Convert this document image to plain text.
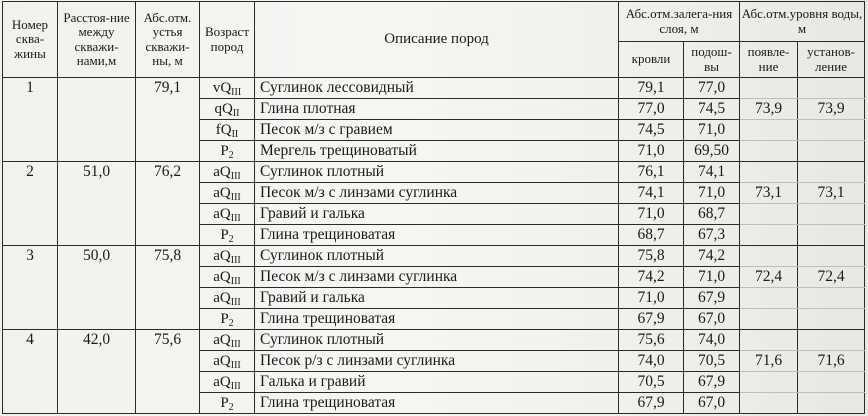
Номер сква-жины	Расстоя-ние между скважи-нами,м	Абс.отм. устья скважи-ны, м	Возраст пород	Описание пород	Абс.отм.залега-ния слоя, м		Абс.отм.уровня воды, м	
					кровли	подош-вы	появле-ние	установ-ление
1		79,1	$vQ_{III}$	Суглинок лессовидный	79,1	77,0		
			$qQ_{II}$	Глина плотная	77,0	74,5	73,9	73,9
			$fQ_{II}$	Песок м/з с гравием	74,5	71,0		
			$P_2$	Мергель трещиноватый	71,0	69,50		
2	51,0	76,2	$aQ_{III}$	Суглинок плотный	76,1	74,1		
			$aQ_{III}$	Песок м/з с линзами суглинка	74,1	71,0	73,1	73,1
			$aQ_{III}$	Гравий и галька	71,0	68,7		
			$P_2$	Глина трещиноватая	68,7	67,3		
3	50,0	75,8	$aQ_{III}$	Суглинок плотный	75,8	74,2		
			$aQ_{III}$	Песок м/з с линзами суглинка	74,2	71,0	72,4	72,4
			$aQ_{III}$	Гравий и галька	71,0	67,9		
			$P_2$	Глина трещиноватая	67,9	67,0		
4	42,0	75,6	$aQ_{III}$	Суглинок плотный	75,6	74,0		
			$aQ_{III}$	Песок р/з с линзами суглинка	74,0	70,5	71,6	71,6
			$aQ_{III}$	Галька и гравий	70,5	67,9		
			$P_2$	Глина трещиноватая	67,9	67,0		
